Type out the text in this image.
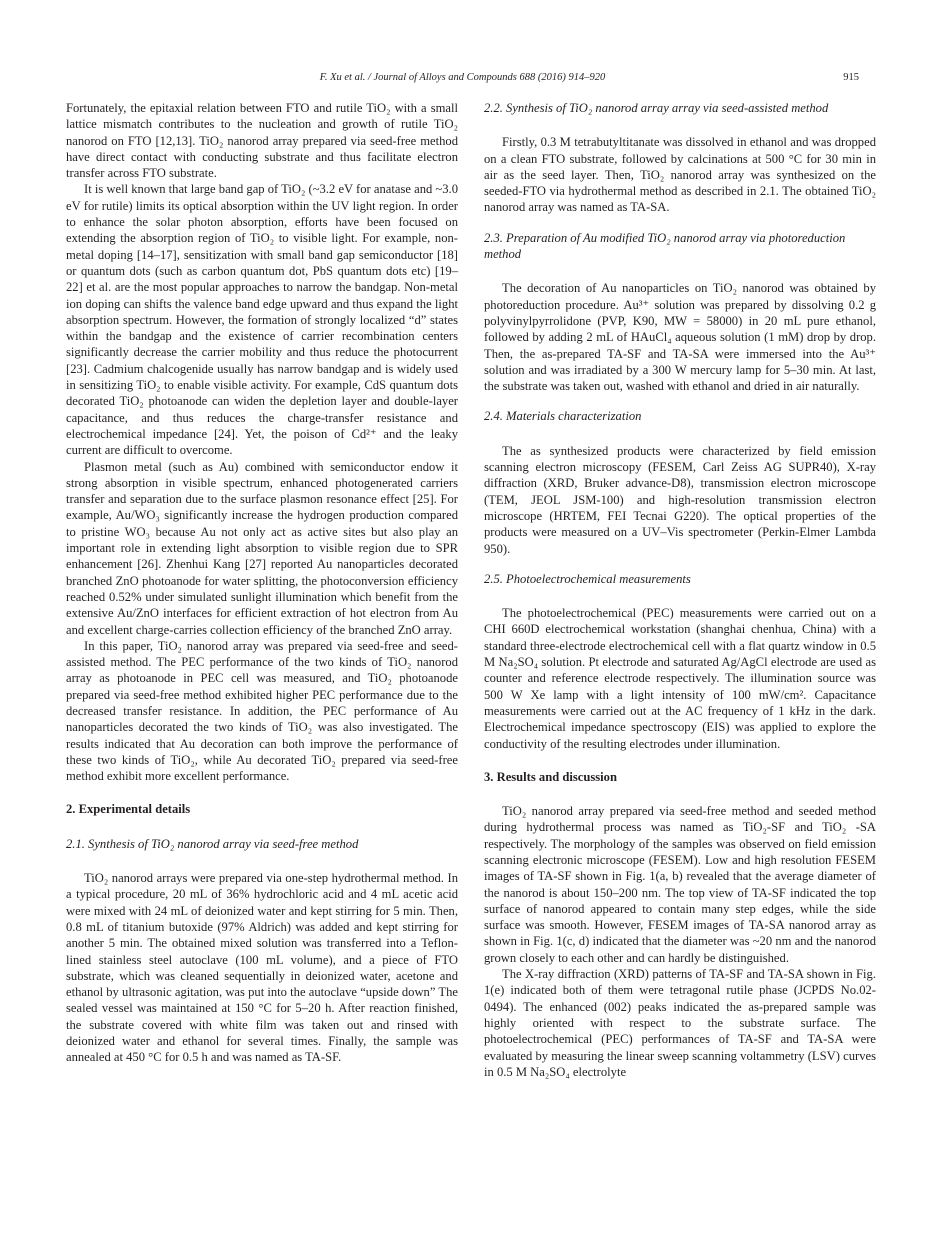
F. Xu et al. / Journal of Alloys and Compounds 688 (2016) 914–920	915

Fortunately, the epitaxial relation between FTO and rutile TiO₂ with a small lattice mismatch contributes to the nucleation and growth of rutile TiO₂ nanorod on FTO [12,13]. TiO₂ nanorod array prepared via seed-free method have direct contact with conducting substrate and thus facilitate electron transfer across FTO substrate.

It is well known that large band gap of TiO₂ (~3.2 eV for anatase and ~3.0 eV for rutile) limits its optical absorption within the UV light region. In order to enhance the solar photon absorption, efforts have been focused on extending the absorption region of TiO₂ to visible light. For example, non-metal doping [14–17], sensitization with small band gap semiconductor [18] or quantum dots (such as carbon quantum dot, PbS quantum dots etc) [19–22] et al. are the most popular approaches to narrow the bandgap. Non-metal ion doping can shifts the valence band edge upward and thus expand the light absorption spectrum. However, the formation of strongly localized “d” states within the bandgap and the existence of carrier recombination centers significantly decrease the carrier mobility and thus reduce the photocurrent [23]. Cadmium chalcogenide usually has narrow bandgap and is widely used in sensitizing TiO₂ to enable visible activity. For example, CdS quantum dots decorated TiO₂ photoanode can widen the depletion layer and double-layer capacitance, and thus reduces the charge-transfer resistance and electrochemical impedance [24]. Yet, the poison of Cd²⁺ and the leaky current are difficult to overcome.

Plasmon metal (such as Au) combined with semiconductor endow it strong absorption in visible spectrum, enhanced photogenerated carriers transfer and separation due to the surface plasmon resonance effect [25]. For example, Au/WO₃ significantly increase the hydrogen production compared to pristine WO₃ because Au not only act as active sites but also play an important role in extending light absorption to visible region due to SPR enhancement [26]. Zhenhui Kang [27] reported Au nanoparticles decorated branched ZnO photoanode for water splitting, the photoconversion efficiency reached 0.52% under simulated sunlight illumination which benefit from the extensive Au/ZnO interfaces for efficient extraction of hot electron from Au and excellent charge-carries collection efficiency of the branched ZnO array.

In this paper, TiO₂ nanorod array was prepared via seed-free and seed-assisted method. The PEC performance of the two kinds of TiO₂ nanorod array as photoanode in PEC cell was measured, and TiO₂ photoanode prepared via seed-free method exhibited higher PEC performance due to the decreased transfer resistance. In addition, the PEC performance of Au nanoparticles decorated the two kinds of TiO₂ was also investigated. The results indicated that Au decoration can both improve the performance of these two kinds of TiO₂, while Au decorated TiO₂ prepared via seed-free method exhibit more excellent performance.

2. Experimental details
2.1. Synthesis of TiO₂ nanorod array via seed-free method

TiO₂ nanorod arrays were prepared via one-step hydrothermal method. In a typical procedure, 20 mL of 36% hydrochloric acid and 4 mL acetic acid were mixed with 24 mL of deionized water and kept stirring for 5 min. Then, 0.8 mL of titanium butoxide (97% Aldrich) was added and kept stirring for another 5 min. The obtained mixed solution was transferred into a Teflon-lined stainless steel autoclave (100 mL volume), and a piece of FTO substrate, which was cleaned sequentially in deionized water, acetone and ethanol by ultrasonic agitation, was put into the autoclave “upside down” The sealed vessel was maintained at 150 °C for 5–20 h. After reaction finished, the substrate covered with white film was taken out and rinsed with deionized water and ethanol for several times. Finally, the sample was annealed at 450 °C for 0.5 h and was named as TA-SF.

2.2. Synthesis of TiO₂ nanorod array array via seed-assisted method

Firstly, 0.3 M tetrabutyltitanate was dissolved in ethanol and was dropped on a clean FTO substrate, followed by calcinations at 500 °C for 30 min in air as the seed layer. Then, TiO₂ nanorod array was synthesized on the seeded-FTO via hydrothermal method as described in 2.1. The obtained TiO₂ nanorod array was named as TA-SA.

2.3. Preparation of Au modified TiO₂ nanorod array via photoreduction method

The decoration of Au nanoparticles on TiO₂ nanorod was obtained by photoreduction procedure. Au³⁺ solution was prepared by dissolving 0.2 g polyvinylpyrrolidone (PVP, K90, MW = 58000) in 20 mL pure ethanol, followed by adding 2 mL of HAuCl₄ aqueous solution (1 mM) drop by drop. Then, the as-prepared TA-SF and TA-SA were immersed into the Au³⁺ solution and was irradiated by a 300 W mercury lamp for 5–30 min. At last, the substrate was taken out, washed with ethanol and dried in air naturally.

2.4. Materials characterization

The as synthesized products were characterized by field emission scanning electron microscopy (FESEM, Carl Zeiss AG SUPR40), X-ray diffraction (XRD, Bruker advance-D8), transmission electron microscope (TEM, JEOL JSM-100) and high-resolution transmission electron microscope (HRTEM, FEI Tecnai G220). The optical properties of the products were measured on a UV–Vis spectrometer (Perkin-Elmer Lambda 950).

2.5. Photoelectrochemical measurements

The photoelectrochemical (PEC) measurements were carried out on a CHI 660D electrochemical workstation (shanghai chenhua, China) with a standard three-electrode electrochemical cell with a flat quartz window in 0.5 M Na₂SO₄ solution. Pt electrode and saturated Ag/AgCl electrode are used as counter and reference electrode respectively. The illumination source was 500 W Xe lamp with a light intensity of 100 mW/cm². Capacitance measurements were carried out at the AC frequency of 1 kHz in the dark. Electrochemical impedance spectroscopy (EIS) was applied to explore the conductivity of the resulting electrodes under illumination.

3. Results and discussion

TiO₂ nanorod array prepared via seed-free method and seeded method during hydrothermal process was named as TiO₂-SF and TiO₂ -SA respectively. The morphology of the samples was observed on field emission scanning electronic microscope (FESEM). Low and high resolution FESEM images of TA-SF shown in Fig. 1(a, b) revealed that the average diameter of the nanorod is about 150–200 nm. The top view of TA-SF indicated the top surface of nanorod appeared to contain many step edges, while the side surface was smooth. However, FESEM images of TA-SA nanorod array as shown in Fig. 1(c, d) indicated that the diameter was ~20 nm and the nanorod grown closely to each other and can hardly be distinguished.

The X-ray diffraction (XRD) patterns of TA-SF and TA-SA shown in Fig. 1(e) indicated both of them were tetragonal rutile phase (JCPDS No.02-0494). The enhanced (002) peaks indicated the as-prepared sample was highly oriented with respect to the substrate surface. The photoelectrochemical (PEC) performances of TA-SF and TA-SA were evaluated by measuring the linear sweep scanning voltammetry (LSV) curves in 0.5 M Na₂SO₄ electrolyte
